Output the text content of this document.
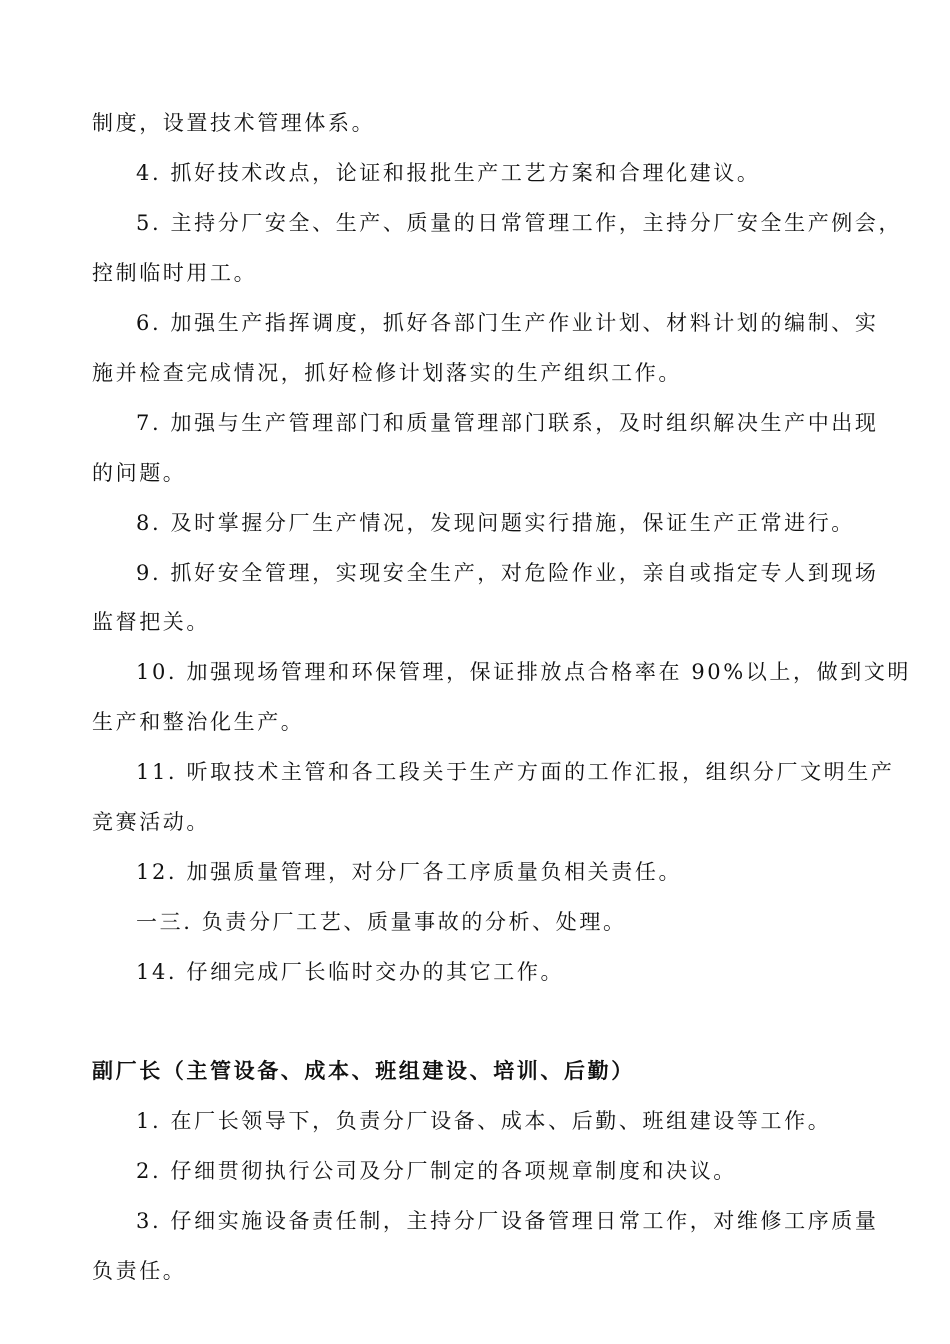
制度，设置技术管理体系。
4. 抓好技术改点，论证和报批生产工艺方案和合理化建议。
5. 主持分厂安全、生产、质量的日常管理工作，主持分厂安全生产例会，
控制临时用工。
6. 加强生产指挥调度，抓好各部门生产作业计划、材料计划的编制、实
施并检查完成情况，抓好检修计划落实的生产组织工作。
7. 加强与生产管理部门和质量管理部门联系，及时组织解决生产中出现
的问题。
8. 及时掌握分厂生产情况，发现问题实行措施，保证生产正常进行。
9. 抓好安全管理，实现安全生产，对危险作业，亲自或指定专人到现场
监督把关。
10. 加强现场管理和环保管理，保证排放点合格率在 90%以上，做到文明
生产和整治化生产。
11. 听取技术主管和各工段关于生产方面的工作汇报，组织分厂文明生产
竞赛活动。
12. 加强质量管理，对分厂各工序质量负相关责任。
一三. 负责分厂工艺、质量事故的分析、处理。
14. 仔细完成厂长临时交办的其它工作。
副厂长（主管设备、成本、班组建设、培训、后勤）
1. 在厂长领导下，负责分厂设备、成本、后勤、班组建设等工作。
2. 仔细贯彻执行公司及分厂制定的各项规章制度和决议。
3. 仔细实施设备责任制，主持分厂设备管理日常工作，对维修工序质量
负责任。
